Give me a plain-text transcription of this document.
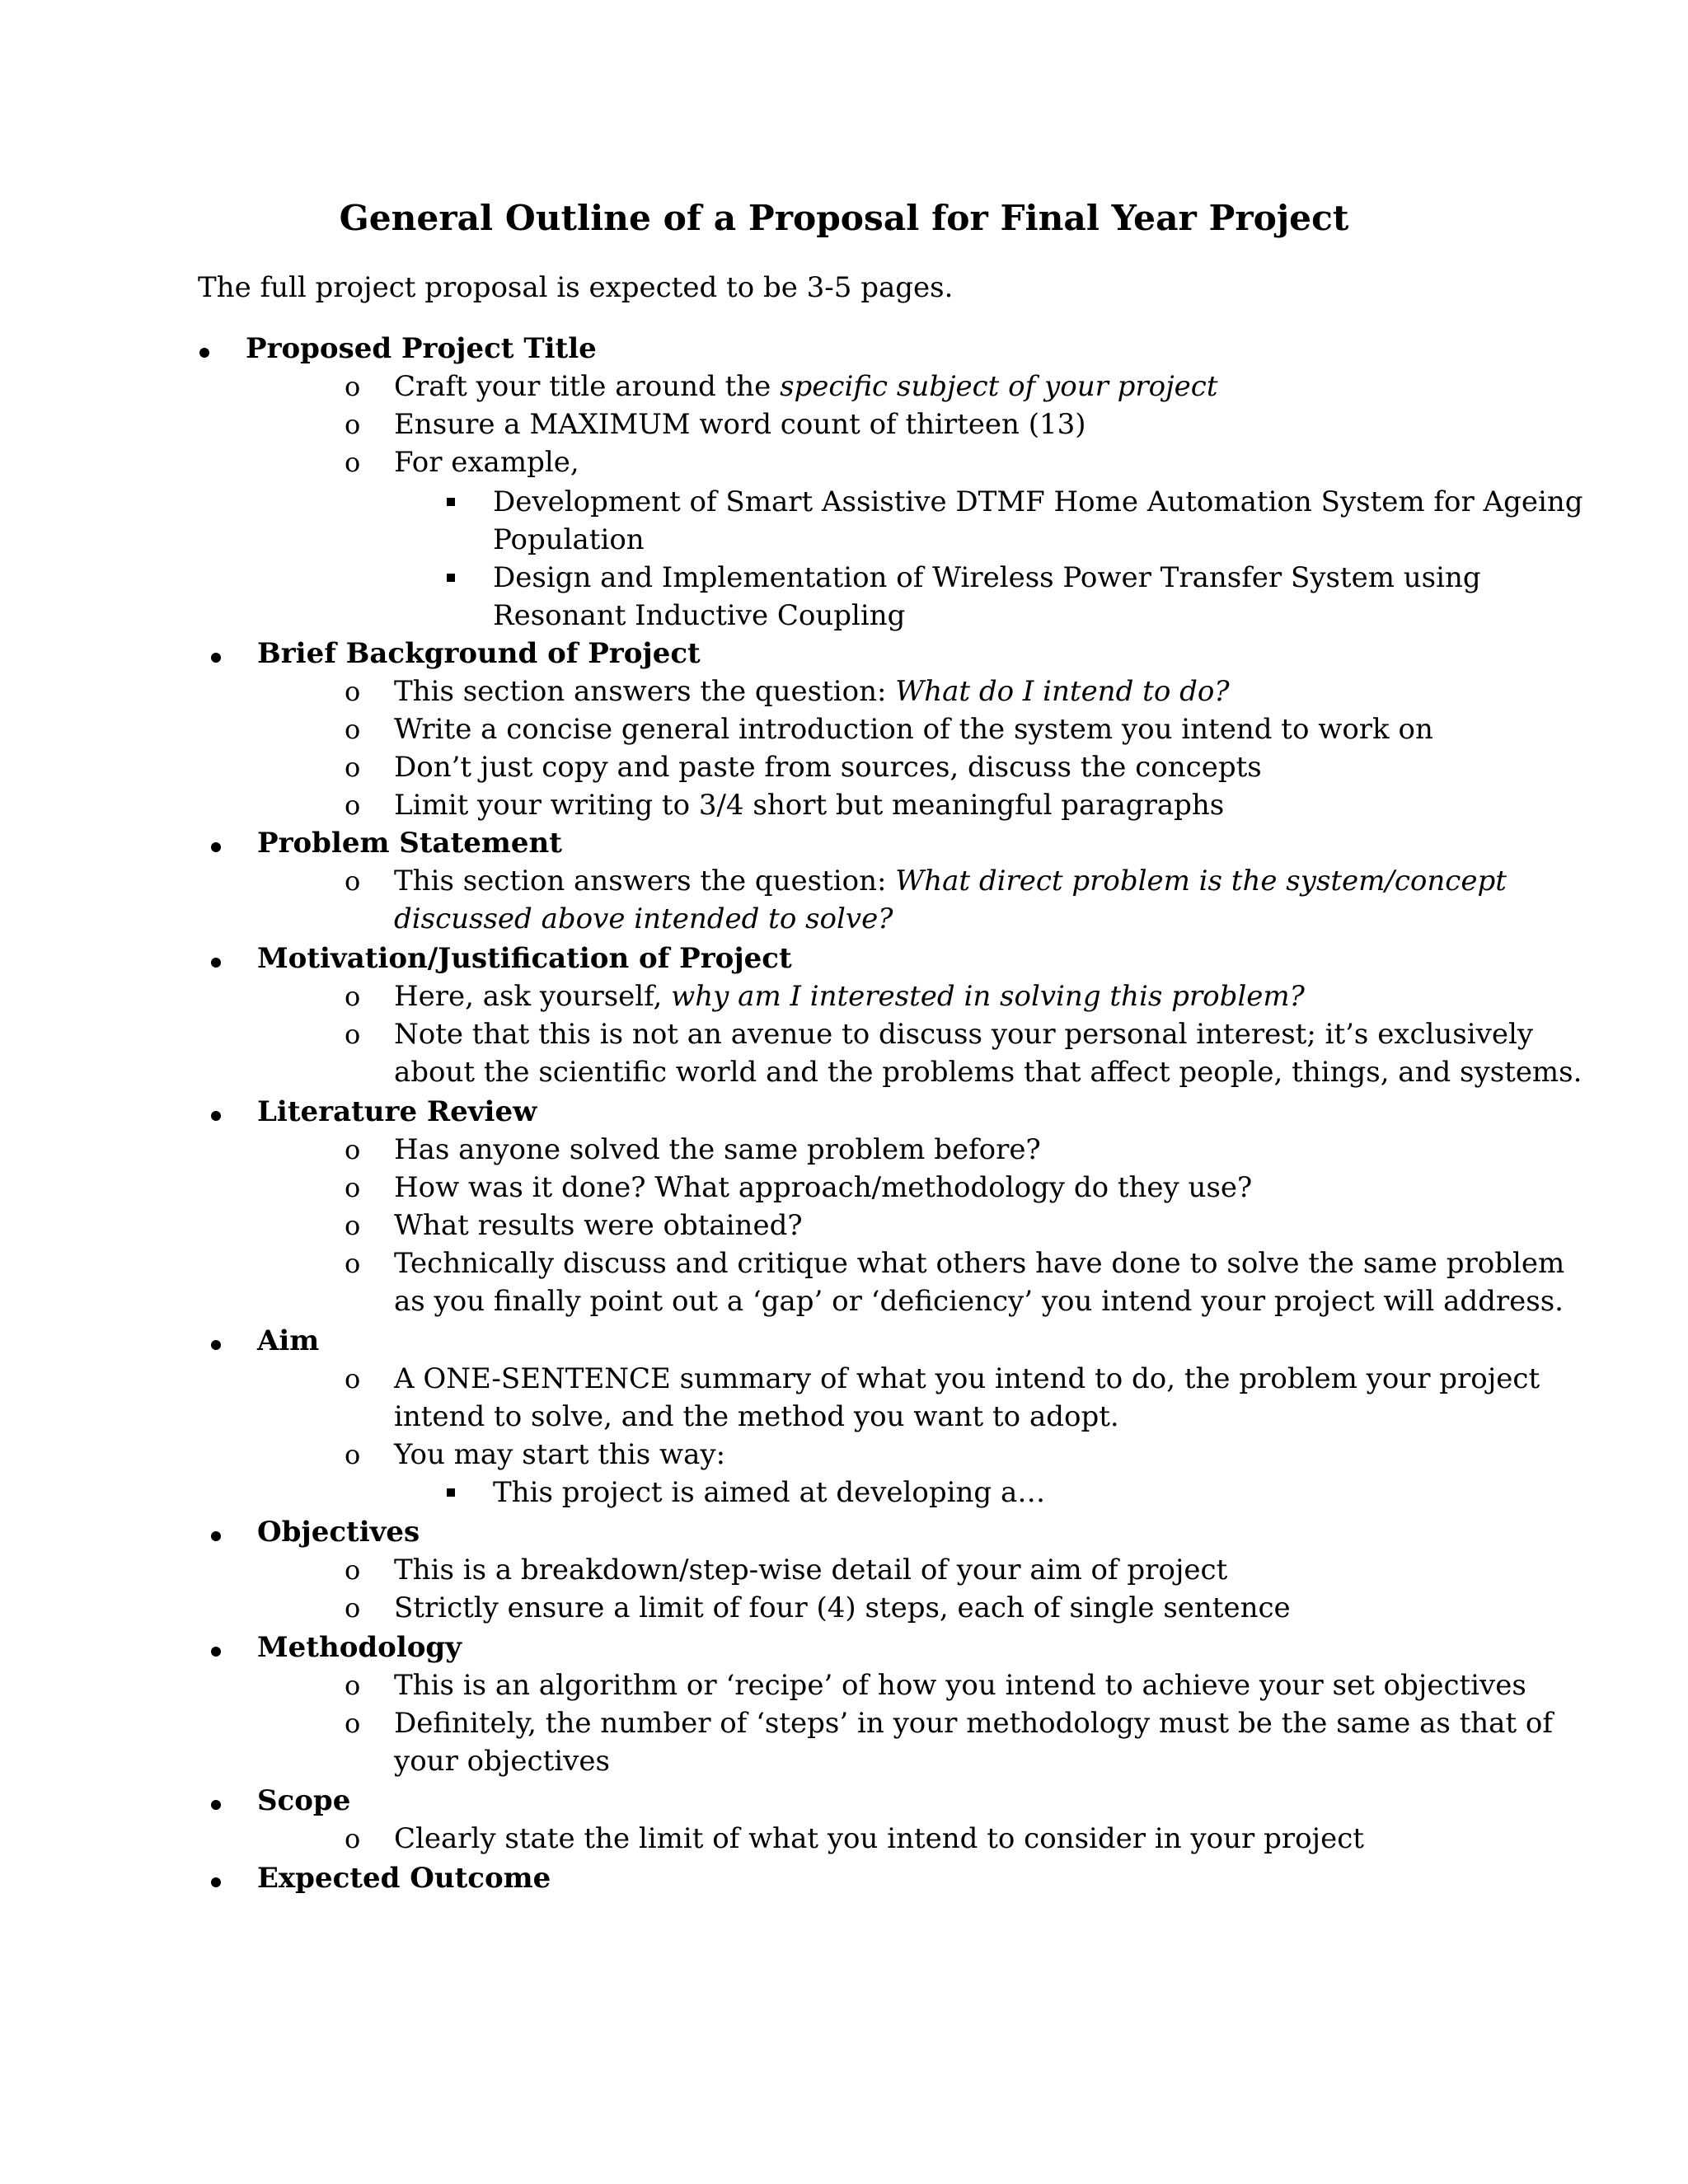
General Outline of a Proposal for Final Year Project
The full project proposal is expected to be 3-5 pages.
Proposed Project Title
o Craft your title around the specific subject of your project
o Ensure a MAXIMUM word count of thirteen (13)
o For example,
Development of Smart Assistive DTMF Home Automation System for Ageing
Population
Design and Implementation of Wireless Power Transfer System using
Resonant Inductive Coupling
Brief Background of Project
o This section answers the question: What do I intend to do?
o Write a concise general introduction of the system you intend to work on
o Don’t just copy and paste from sources, discuss the concepts
o Limit your writing to 3/4 short but meaningful paragraphs
Problem Statement
o This section answers the question: What direct problem is the system/concept
discussed above intended to solve?
Motivation/Justification of Project
o Here, ask yourself, why am I interested in solving this problem?
o Note that this is not an avenue to discuss your personal interest; it’s exclusively
about the scientific world and the problems that affect people, things, and systems.
Literature Review
o Has anyone solved the same problem before?
o How was it done? What approach/methodology do they use?
o What results were obtained?
o Technically discuss and critique what others have done to solve the same problem
as you finally point out a ‘gap’ or ‘deficiency’ you intend your project will address.
Aim
o A ONE-SENTENCE summary of what you intend to do, the problem your project
intend to solve, and the method you want to adopt.
o You may start this way:
This project is aimed at developing a…
Objectives
o This is a breakdown/step-wise detail of your aim of project
o Strictly ensure a limit of four (4) steps, each of single sentence
Methodology
o This is an algorithm or ‘recipe’ of how you intend to achieve your set objectives
o Definitely, the number of ‘steps’ in your methodology must be the same as that of
your objectives
Scope
o Clearly state the limit of what you intend to consider in your project
Expected Outcome
